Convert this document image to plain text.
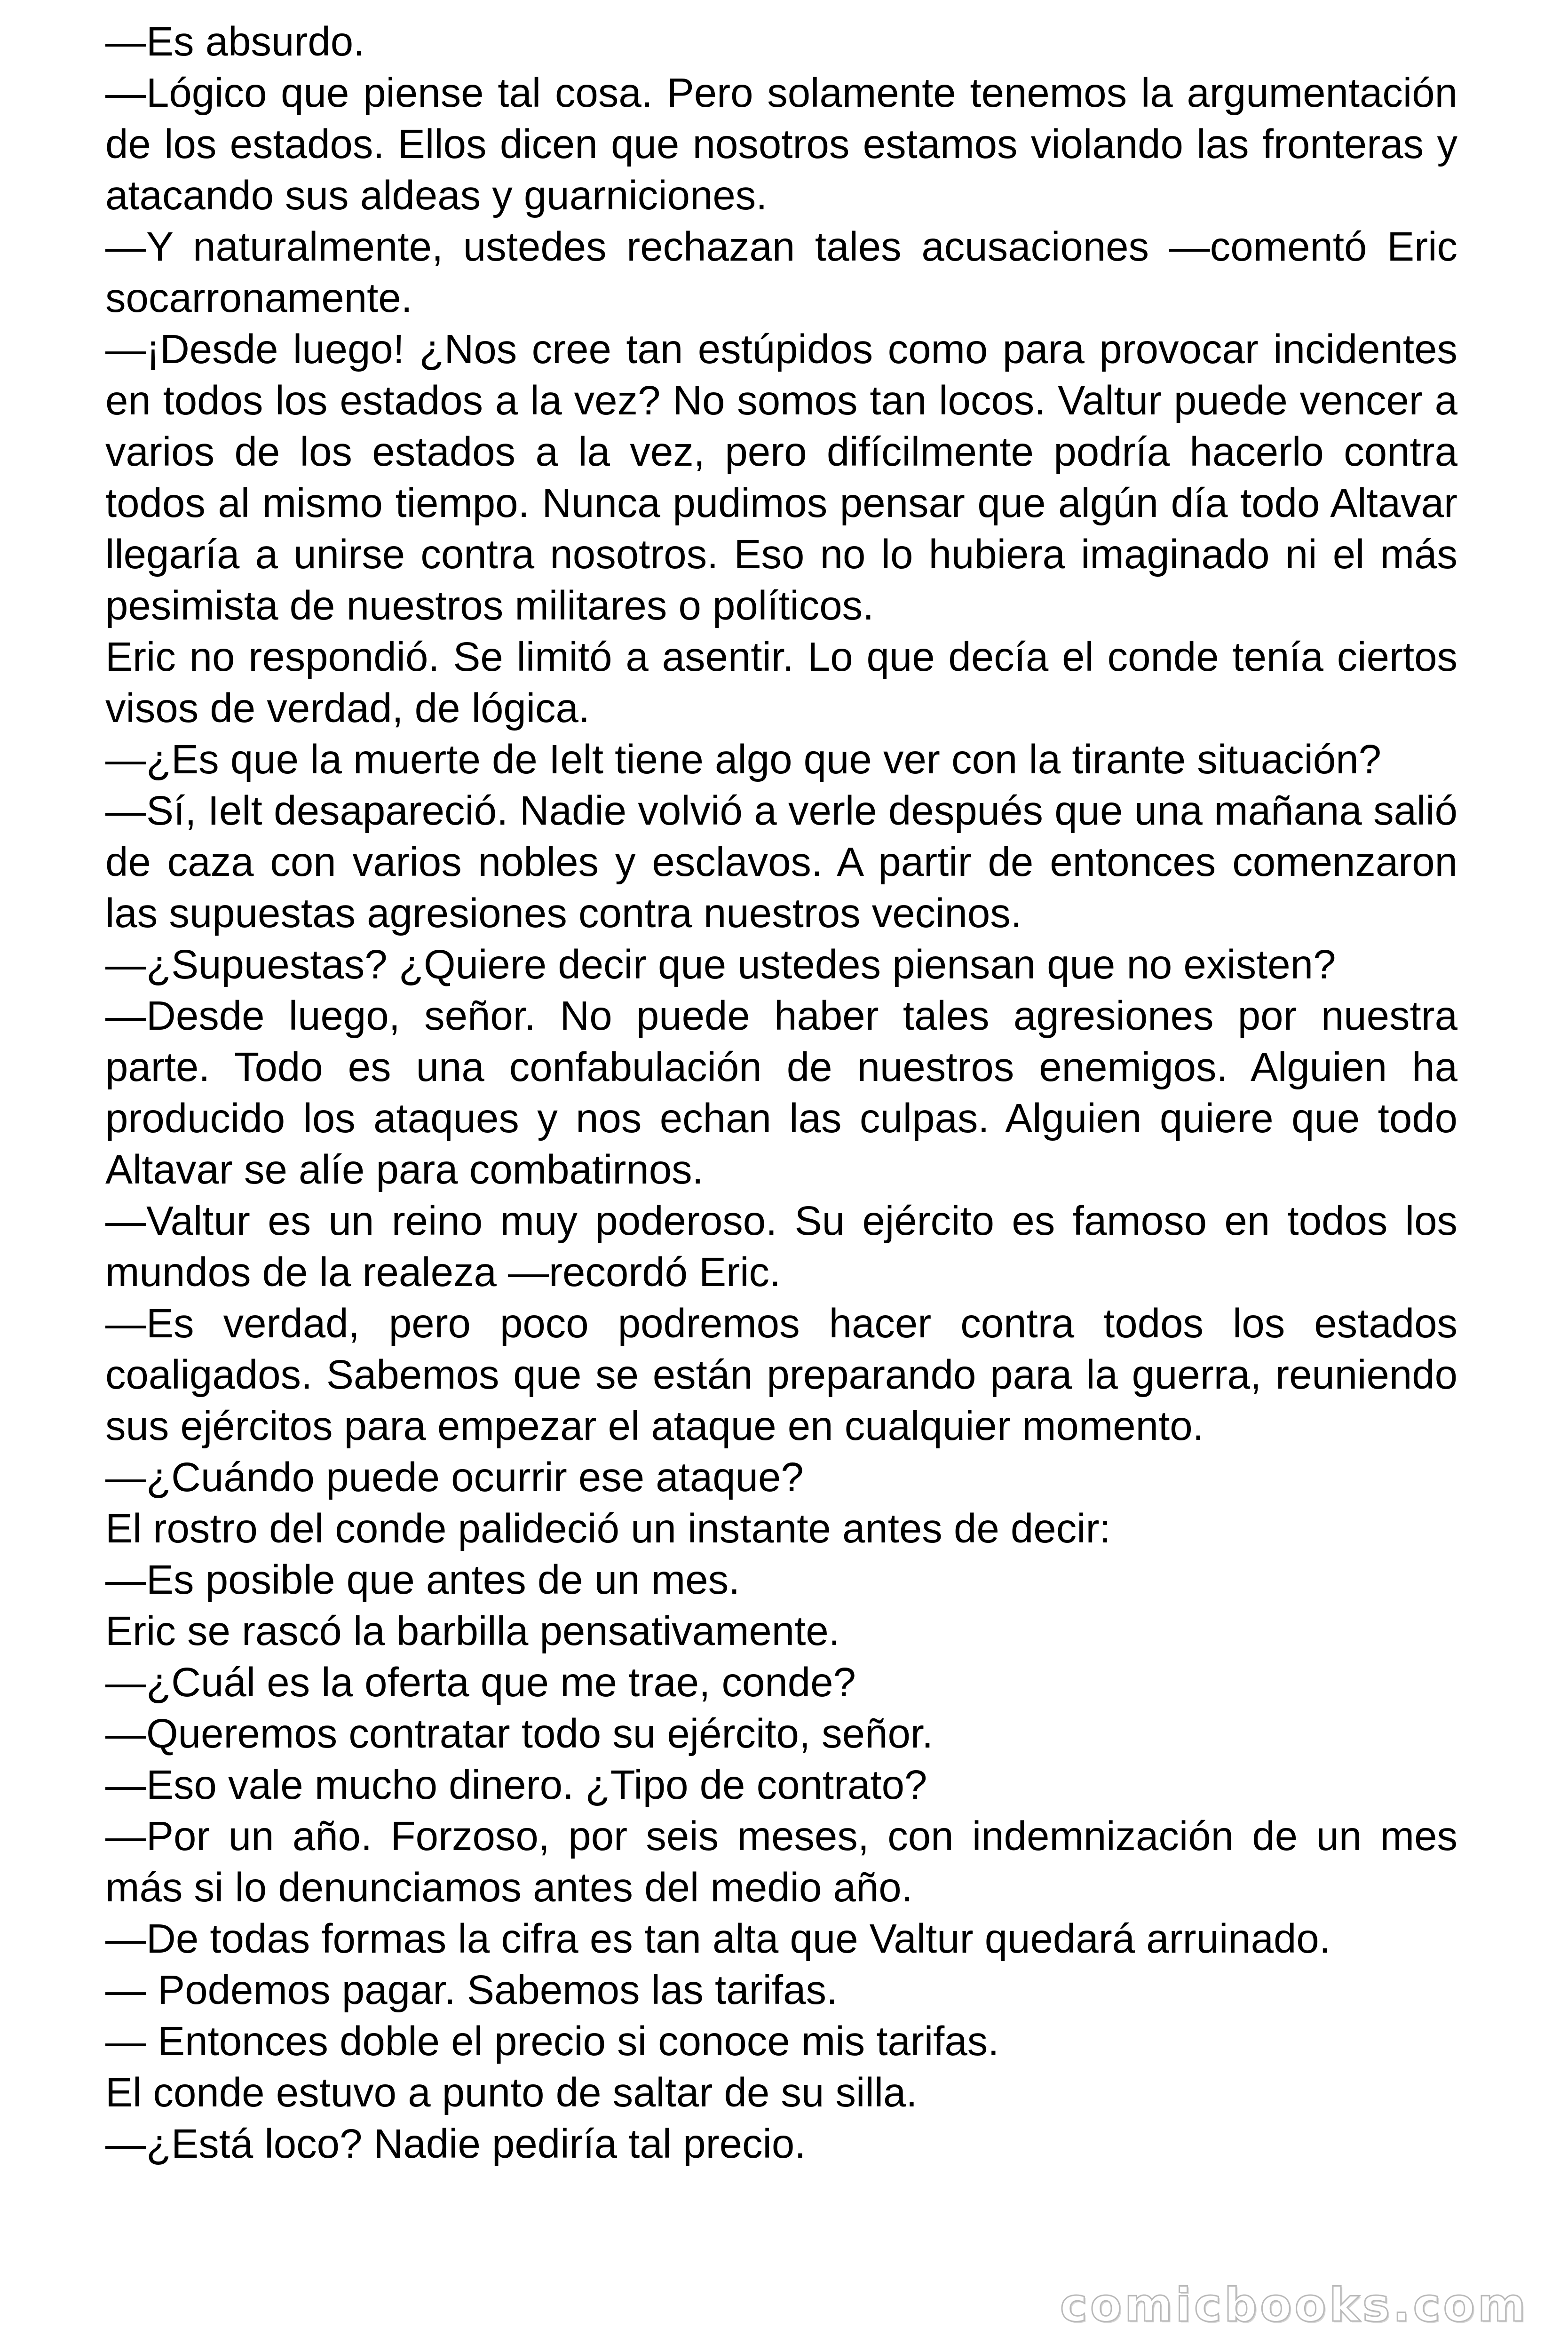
—Es absurdo.

—Lógico que piense tal cosa. Pero solamente tenemos la argumentación de los estados. Ellos dicen que nosotros estamos violando las fronteras y atacando sus aldeas y guarniciones.

—Y naturalmente, ustedes rechazan tales acusaciones —comentó Eric socarronamente.

—¡Desde luego! ¿Nos cree tan estúpidos como para provocar incidentes en todos los estados a la vez? No somos tan locos. Valtur puede vencer a varios de los estados a la vez, pero difícilmente podría hacerlo contra todos al mismo tiempo. Nunca pudimos pensar que algún día todo Altavar llegaría a unirse contra nosotros. Eso no lo hubiera imaginado ni el más pesimista de nuestros militares o políticos.

Eric no respondió. Se limitó a asentir. Lo que decía el conde tenía ciertos visos de verdad, de lógica.

—¿Es que la muerte de Ielt tiene algo que ver con la tirante situación?

—Sí, Ielt desapareció. Nadie volvió a verle después que una mañana salió de caza con varios nobles y esclavos. A partir de entonces comenzaron las supuestas agresiones contra nuestros vecinos.

—¿Supuestas? ¿Quiere decir que ustedes piensan que no existen?

—Desde luego, señor. No puede haber tales agresiones por nuestra parte. Todo es una confabulación de nuestros enemigos. Alguien ha producido los ataques y nos echan las culpas. Alguien quiere que todo Altavar se alíe para combatirnos.

—Valtur es un reino muy poderoso. Su ejército es famoso en todos los mundos de la realeza —recordó Eric.

—Es verdad, pero poco podremos hacer contra todos los estados coaligados. Sabemos que se están preparando para la guerra, reuniendo sus ejércitos para empezar el ataque en cualquier momento.

—¿Cuándo puede ocurrir ese ataque?

El rostro del conde palideció un instante antes de decir:

—Es posible que antes de un mes.

Eric se rascó la barbilla pensativamente.

—¿Cuál es la oferta que me trae, conde?

—Queremos contratar todo su ejército, señor.

—Eso vale mucho dinero. ¿Tipo de contrato?

—Por un año. Forzoso, por seis meses, con indemnización de un mes más si lo denunciamos antes del medio año.

—De todas formas la cifra es tan alta que Valtur quedará arruinado.

— Podemos pagar. Sabemos las tarifas.

— Entonces doble el precio si conoce mis tarifas.

El conde estuvo a punto de saltar de su silla.

—¿Está loco? Nadie pediría tal precio.

comicbooks.com
